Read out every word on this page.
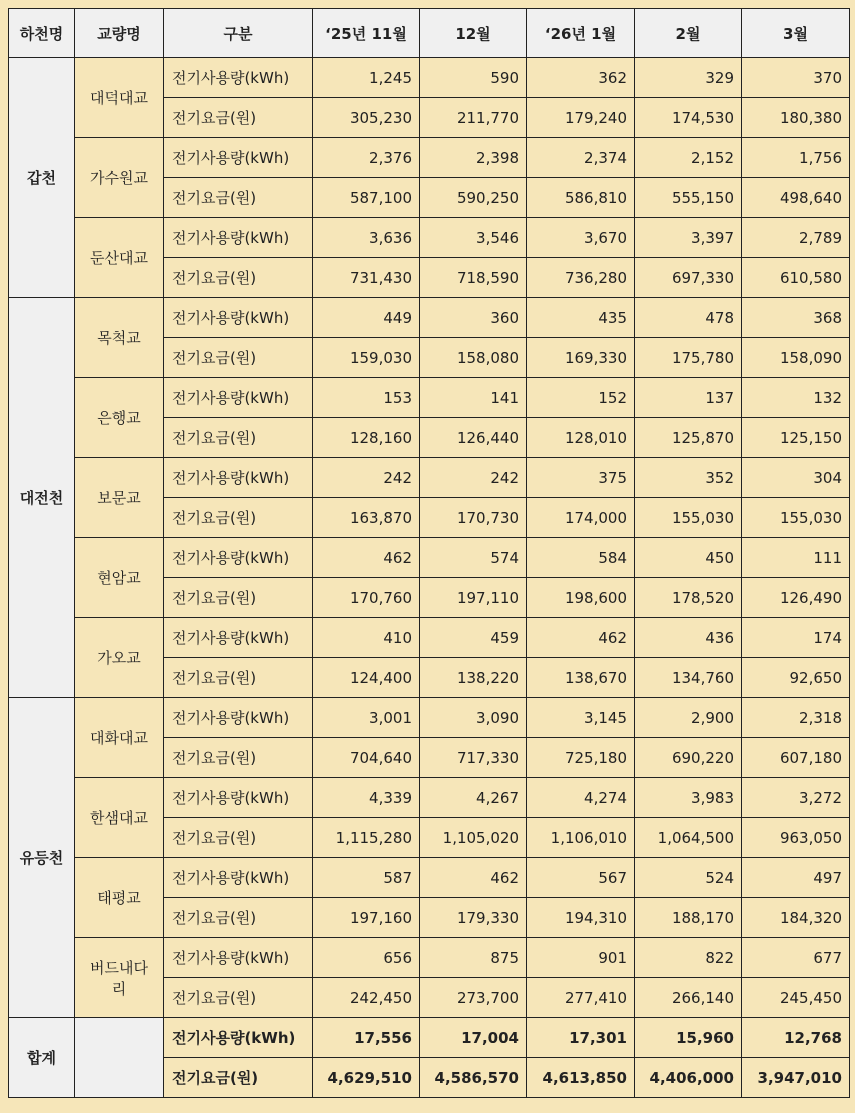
하천명	교량명	구분	‘25년 11월	12월	‘26년 1월	2월	3월
갑천	대덕대교	전기사용량(kWh)	1,245	590	362	329	370
		전기요금(원)	305,230	211,770	179,240	174,530	180,380
	가수원교	전기사용량(kWh)	2,376	2,398	2,374	2,152	1,756
		전기요금(원)	587,100	590,250	586,810	555,150	498,640
	둔산대교	전기사용량(kWh)	3,636	3,546	3,670	3,397	2,789
		전기요금(원)	731,430	718,590	736,280	697,330	610,580
대전천	목척교	전기사용량(kWh)	449	360	435	478	368
		전기요금(원)	159,030	158,080	169,330	175,780	158,090
	은행교	전기사용량(kWh)	153	141	152	137	132
		전기요금(원)	128,160	126,440	128,010	125,870	125,150
	보문교	전기사용량(kWh)	242	242	375	352	304
		전기요금(원)	163,870	170,730	174,000	155,030	155,030
	현암교	전기사용량(kWh)	462	574	584	450	111
		전기요금(원)	170,760	197,110	198,600	178,520	126,490
	가오교	전기사용량(kWh)	410	459	462	436	174
		전기요금(원)	124,400	138,220	138,670	134,760	92,650
유등천	대화대교	전기사용량(kWh)	3,001	3,090	3,145	2,900	2,318
		전기요금(원)	704,640	717,330	725,180	690,220	607,180
	한샘대교	전기사용량(kWh)	4,339	4,267	4,274	3,983	3,272
		전기요금(원)	1,115,280	1,105,020	1,106,010	1,064,500	963,050
	태평교	전기사용량(kWh)	587	462	567	524	497
		전기요금(원)	197,160	179,330	194,310	188,170	184,320
	버드내다리	전기사용량(kWh)	656	875	901	822	677
		전기요금(원)	242,450	273,700	277,410	266,140	245,450
합계		전기사용량(kWh)	17,556	17,004	17,301	15,960	12,768
		전기요금(원)	4,629,510	4,586,570	4,613,850	4,406,000	3,947,010
